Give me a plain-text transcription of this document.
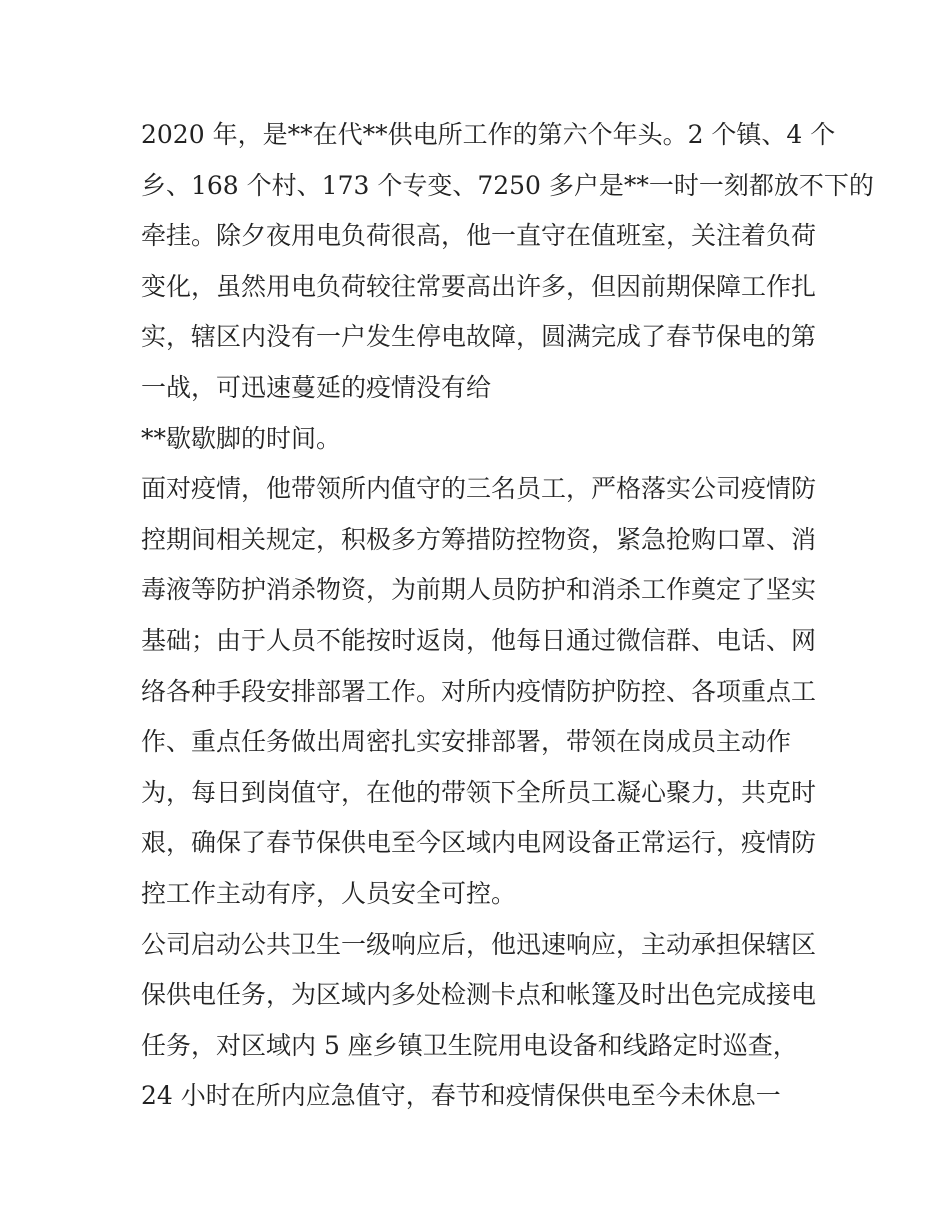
2020 年，是**在代**供电所工作的第六个年头。2 个镇、4 个
乡、168 个村、173 个专变、7250 多户是**一时一刻都放不下的
牵挂。除夕夜用电负荷很高，他一直守在值班室，关注着负荷
变化，虽然用电负荷较往常要高出许多，但因前期保障工作扎
实，辖区内没有一户发生停电故障，圆满完成了春节保电的第
一战，可迅速蔓延的疫情没有给
**歇歇脚的时间。
面对疫情，他带领所内值守的三名员工，严格落实公司疫情防
控期间相关规定，积极多方筹措防控物资，紧急抢购口罩、消
毒液等防护消杀物资，为前期人员防护和消杀工作奠定了坚实
基础；由于人员不能按时返岗，他每日通过微信群、电话、网
络各种手段安排部署工作。对所内疫情防护防控、各项重点工
作、重点任务做出周密扎实安排部署，带领在岗成员主动作
为，每日到岗值守，在他的带领下全所员工凝心聚力，共克时
艰，确保了春节保供电至今区域内电网设备正常运行，疫情防
控工作主动有序，人员安全可控。
公司启动公共卫生一级响应后，他迅速响应，主动承担保辖区
保供电任务，为区域内多处检测卡点和帐篷及时出色完成接电
任务，对区域内 5 座乡镇卫生院用电设备和线路定时巡查，
24 小时在所内应急值守，春节和疫情保供电至今未休息一
